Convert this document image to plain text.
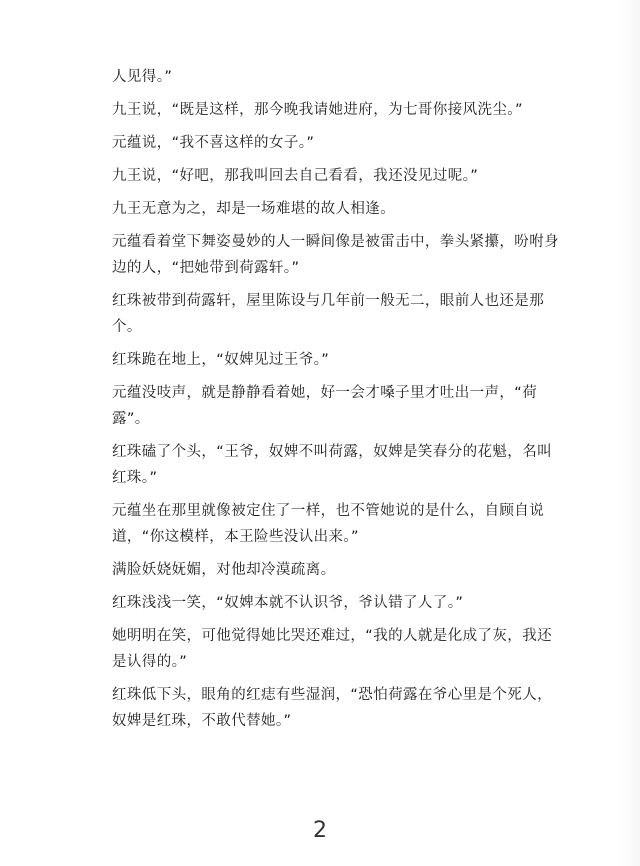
人见得。”

九王说，“既是这样，那今晚我请她进府，为七哥你接风洗尘。”

元蕴说，“我不喜这样的女子。”

九王说，“好吧，那我叫回去自己看看，我还没见过呢。”

九王无意为之，却是一场难堪的故人相逢。

元蕴看着堂下舞姿曼妙的人一瞬间像是被雷击中，拳头紧攥，吩咐身边的人，“把她带到荷露轩。”

红珠被带到荷露轩，屋里陈设与几年前一般无二，眼前人也还是那个。

红珠跪在地上，“奴婢见过王爷。”

元蕴没吱声，就是静静看着她，好一会才嗓子里才吐出一声，“荷露”。

红珠磕了个头，“王爷，奴婢不叫荷露，奴婢是笑春分的花魁，名叫红珠。”

元蕴坐在那里就像被定住了一样，也不管她说的是什么，自顾自说道，“你这模样，本王险些没认出来。”

满脸妖娆妩媚，对他却冷漠疏离。

红珠浅浅一笑，“奴婢本就不认识爷，爷认错了人了。”

她明明在笑，可他觉得她比哭还难过，“我的人就是化成了灰，我还是认得的。”

红珠低下头，眼角的红痣有些湿润，“恐怕荷露在爷心里是个死人，奴婢是红珠，不敢代替她。”

2
